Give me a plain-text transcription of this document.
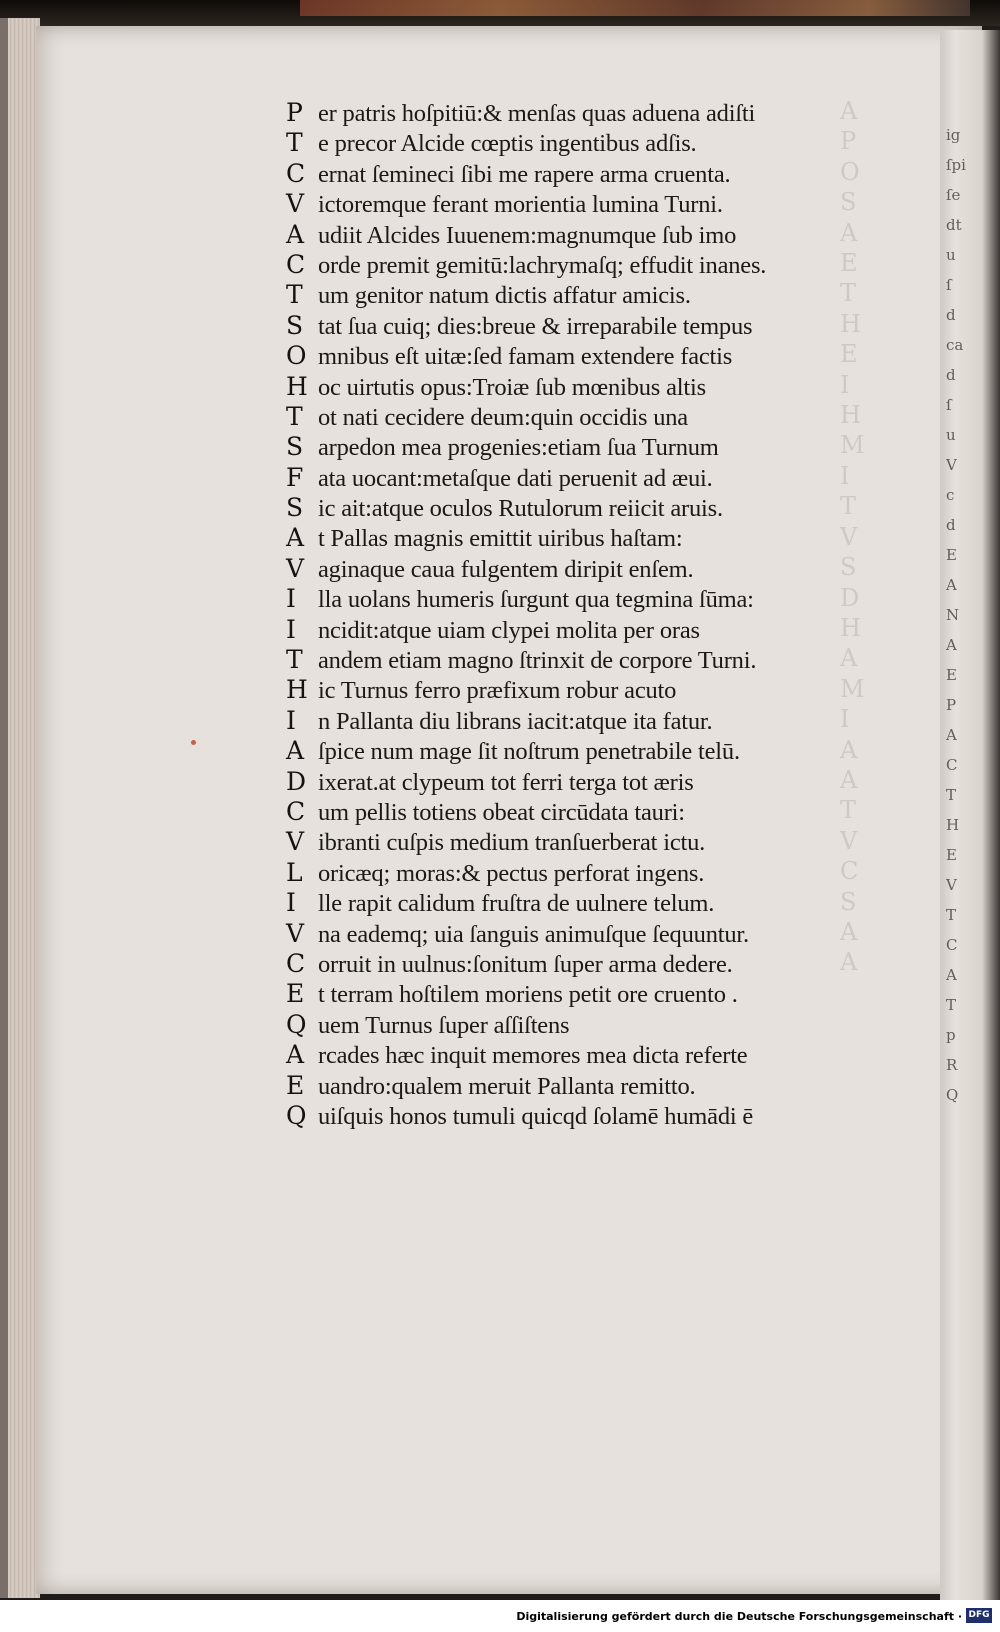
ig
ſpi
ſe
dt
u
ſ
d
ca
d
ſ
u
V
c
d
E
A
N
A
E
P
A
C
T
H
E
V
T
C
A
T
p
R
Q
A
P
O
S
A
E
T
H
E
I
H
M
I
T
V
S
D
H
A
M
I
A
A
T
V
C
S
A
A
P er patris hoſpitiū:& menſas quas aduena adiſti
T e precor Alcide cœptis ingentibus adſis.
C ernat ſemineci ſibi me rapere arma cruenta.
V ictoremque ferant morientia lumina Turni.
A udiit Alcides Iuuenem:magnumque ſub imo
C orde premit gemitū:lachrymaſq; effudit inanes.
T um genitor natum dictis affatur amicis.
S tat ſua cuiq; dies:breue & irreparabile tempus
O mnibus eſt uitæ:ſed famam extendere factis
H oc uirtutis opus:Troiæ ſub mœnibus altis
T ot nati cecidere deum:quin occidis una
S arpedon mea progenies:etiam ſua Turnum
F ata uocant:metaſque dati peruenit ad æui.
S ic ait:atque oculos Rutulorum reiicit aruis.
A t Pallas magnis emittit uiribus haſtam:
V aginaque caua fulgentem diripit enſem.
I lla uolans humeris ſurgunt qua tegmina ſūma:
I ncidit:atque uiam clypei molita per oras
T andem etiam magno ſtrinxit de corpore Turni.
H ic Turnus ferro præfixum robur acuto
I n Pallanta diu librans iacit:atque ita fatur.
A ſpice num mage ſit noſtrum penetrabile telū.
D ixerat.at clypeum tot ferri terga tot æris
C um pellis totiens obeat circūdata tauri:
V ibranti cuſpis medium tranſuerberat ictu.
L oricæq; moras:& pectus perforat ingens.
I lle rapit calidum fruſtra de uulnere telum.
V na eademq; uia ſanguis animuſque ſequuntur.
C orruit in uulnus:ſonitum ſuper arma dedere.
E t terram hoſtilem moriens petit ore cruento .
Q uem Turnus ſuper aſſiſtens
A rcades hæc inquit memores mea dicta referte
E uandro:qualem meruit Pallanta remitto.
Q uiſquis honos tumuli quicqd ſolamē humādi ē
Digitalisierung gefördert durch die Deutsche Forschungsgemeinschaft · DFG
